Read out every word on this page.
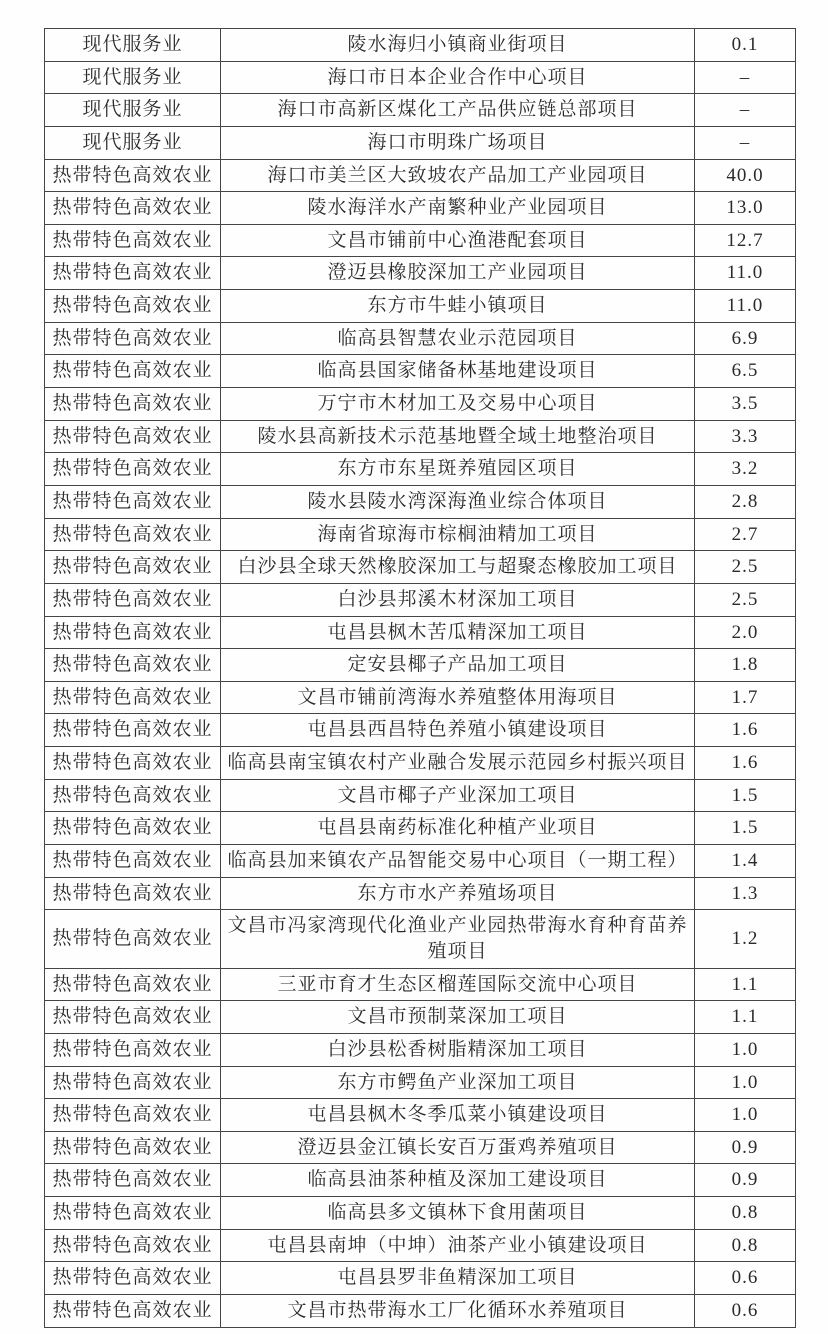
现代服务业	陵水海归小镇商业街项目	0.1
现代服务业	海口市日本企业合作中心项目	–
现代服务业	海口市高新区煤化工产品供应链总部项目	–
现代服务业	海口市明珠广场项目	–
热带特色高效农业	海口市美兰区大致坡农产品加工产业园项目	40.0
热带特色高效农业	陵水海洋水产南繁种业产业园项目	13.0
热带特色高效农业	文昌市铺前中心渔港配套项目	12.7
热带特色高效农业	澄迈县橡胶深加工产业园项目	11.0
热带特色高效农业	东方市牛蛙小镇项目	11.0
热带特色高效农业	临高县智慧农业示范园项目	6.9
热带特色高效农业	临高县国家储备林基地建设项目	6.5
热带特色高效农业	万宁市木材加工及交易中心项目	3.5
热带特色高效农业	陵水县高新技术示范基地暨全域土地整治项目	3.3
热带特色高效农业	东方市东星斑养殖园区项目	3.2
热带特色高效农业	陵水县陵水湾深海渔业综合体项目	2.8
热带特色高效农业	海南省琼海市棕榈油精加工项目	2.7
热带特色高效农业	白沙县全球天然橡胶深加工与超聚态橡胶加工项目	2.5
热带特色高效农业	白沙县邦溪木材深加工项目	2.5
热带特色高效农业	屯昌县枫木苦瓜精深加工项目	2.0
热带特色高效农业	定安县椰子产品加工项目	1.8
热带特色高效农业	文昌市铺前湾海水养殖整体用海项目	1.7
热带特色高效农业	屯昌县西昌特色养殖小镇建设项目	1.6
热带特色高效农业	临高县南宝镇农村产业融合发展示范园乡村振兴项目	1.6
热带特色高效农业	文昌市椰子产业深加工项目	1.5
热带特色高效农业	屯昌县南药标准化种植产业项目	1.5
热带特色高效农业	临高县加来镇农产品智能交易中心项目（一期工程）	1.4
热带特色高效农业	东方市水产养殖场项目	1.3
热带特色高效农业	文昌市冯家湾现代化渔业产业园热带海水育种育苗养殖项目	1.2
热带特色高效农业	三亚市育才生态区榴莲国际交流中心项目	1.1
热带特色高效农业	文昌市预制菜深加工项目	1.1
热带特色高效农业	白沙县松香树脂精深加工项目	1.0
热带特色高效农业	东方市鳄鱼产业深加工项目	1.0
热带特色高效农业	屯昌县枫木冬季瓜菜小镇建设项目	1.0
热带特色高效农业	澄迈县金江镇长安百万蛋鸡养殖项目	0.9
热带特色高效农业	临高县油茶种植及深加工建设项目	0.9
热带特色高效农业	临高县多文镇林下食用菌项目	0.8
热带特色高效农业	屯昌县南坤（中坤）油茶产业小镇建设项目	0.8
热带特色高效农业	屯昌县罗非鱼精深加工项目	0.6
热带特色高效农业	文昌市热带海水工厂化循环水养殖项目	0.6
